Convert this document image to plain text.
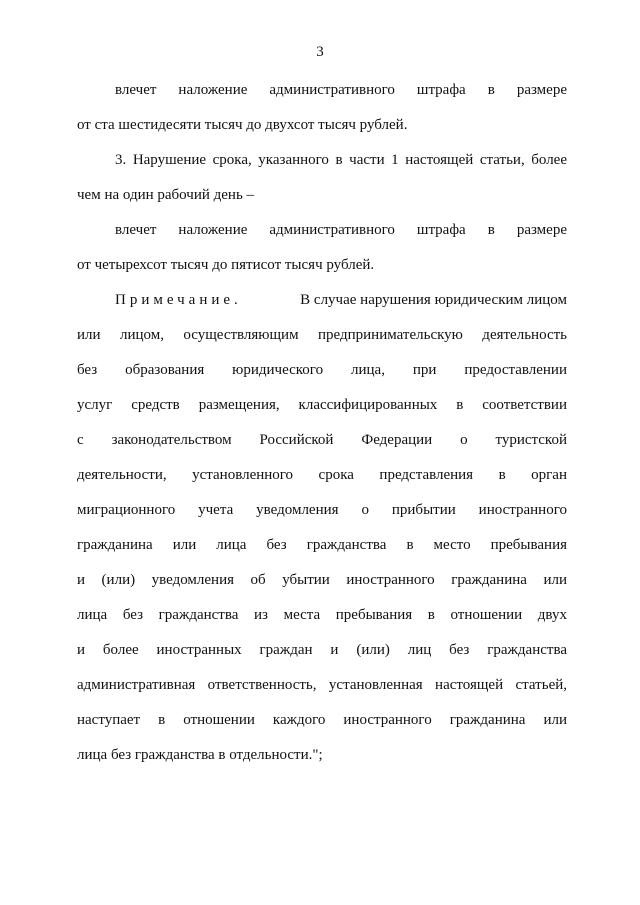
3
влечет наложение административного штрафа в размере
от ста шестидесяти тысяч до двухсот тысяч рублей.
3. Нарушение срока, указанного в части 1 настоящей статьи, более
чем на один рабочий день –
влечет наложение административного штрафа в размере
от четырехсот тысяч до пятисот тысяч рублей.
Примечание.	В случае нарушения юридическим лицом
или лицом, осуществляющим предпринимательскую деятельность
без образования юридического лица, при предоставлении
услуг средств размещения, классифицированных в соответствии
с законодательством Российской Федерации о туристской
деятельности, установленного срока представления в орган
миграционного учета уведомления о прибытии иностранного
гражданина или лица без гражданства в место пребывания
и (или) уведомления об убытии иностранного гражданина или
лица без гражданства из места пребывания в отношении двух
и более иностранных граждан и (или) лиц без гражданства
административная ответственность, установленная настоящей статьей,
наступает в отношении каждого иностранного гражданина или
лица без гражданства в отдельности.";
